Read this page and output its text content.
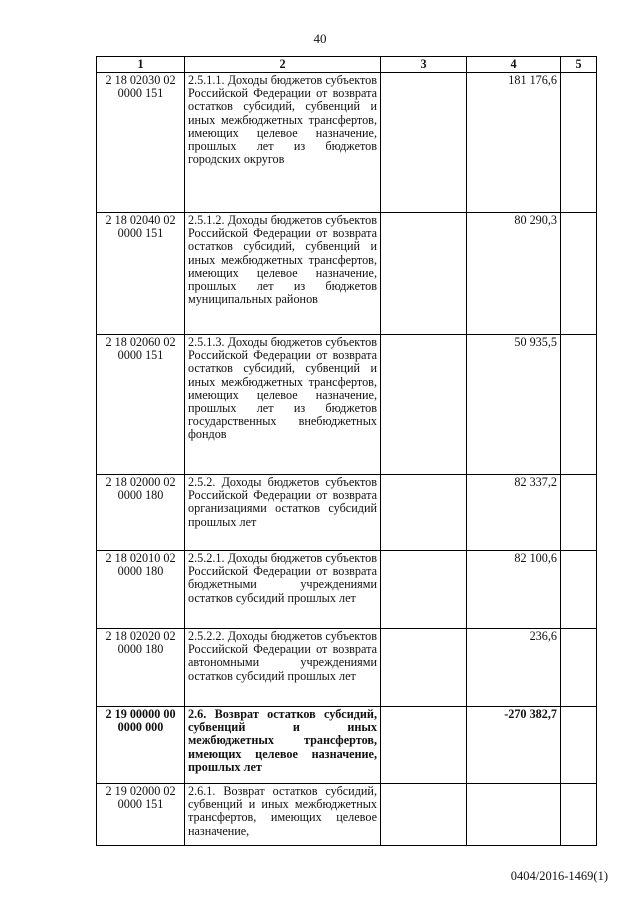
40
1	2	3	4	5
2 18 02030 02 0000 151	2.5.1.1. Доходы бюджетов субъектов Российской Федерации от возврата остатков субсидий, субвенций и иных межбюджетных трансфертов, имеющих целевое назначение, прошлых лет из бюджетов городских округов		181 176,6	
2 18 02040 02 0000 151	2.5.1.2. Доходы бюджетов субъектов Российской Федерации от возврата остатков субсидий, субвенций и иных межбюджетных трансфертов, имеющих целевое назначение, прошлых лет из бюджетов муниципальных районов		80 290,3	
2 18 02060 02 0000 151	2.5.1.3. Доходы бюджетов субъектов Российской Федерации от возврата остатков субсидий, субвенций и иных межбюджетных трансфертов, имеющих целевое назначение, прошлых лет из бюджетов государственных внебюджетных фондов		50 935,5	
2 18 02000 02 0000 180	2.5.2. Доходы бюджетов субъектов Российской Федерации от возврата организациями остатков субсидий прошлых лет		82 337,2	
2 18 02010 02 0000 180	2.5.2.1. Доходы бюджетов субъектов Российской Федерации от возврата бюджетными учреждениями остатков субсидий прошлых лет		82 100,6	
2 18 02020 02 0000 180	2.5.2.2. Доходы бюджетов субъектов Российской Федерации от возврата автономными учреждениями остатков субсидий прошлых лет		236,6	
2 19 00000 00 0000 000	2.6. Возврат остатков субсидий, субвенций и иных межбюджетных трансфертов, имеющих целевое назначение, прошлых лет		-270 382,7	
2 19 02000 02 0000 151	2.6.1. Возврат остатков субсидий, субвенций и иных межбюджетных трансфертов, имеющих целевое назначение,			
0404/2016-1469(1)
